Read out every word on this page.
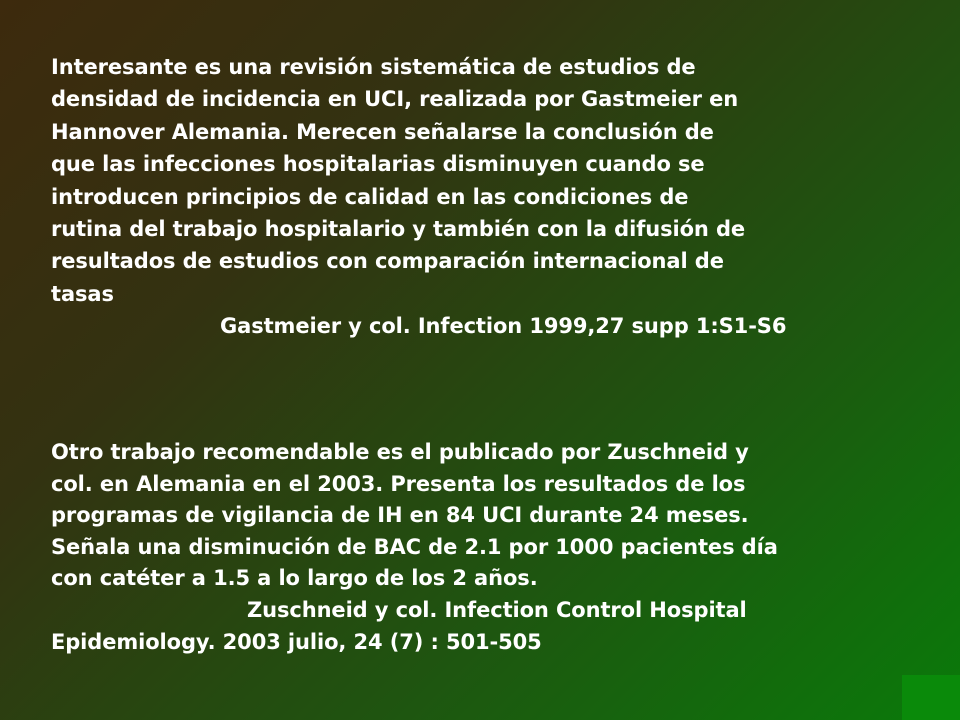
Interesante es una revisión sistemática de estudios de
densidad de incidencia en UCI, realizada por Gastmeier en
Hannover Alemania. Merecen señalarse la conclusión de
que las infecciones hospitalarias disminuyen cuando se
introducen principios de calidad en las condiciones de
rutina del trabajo hospitalario y también con la difusión de
resultados de estudios con comparación internacional de
tasas
Gastmeier y col. Infection 1999,27 supp 1:S1-S6

Otro trabajo recomendable es el publicado por Zuschneid y
col. en Alemania en el 2003. Presenta los resultados de los
programas de vigilancia de IH en 84 UCI durante 24 meses.
Señala una disminución de BAC de 2.1 por 1000 pacientes día
con catéter a 1.5 a lo largo de los 2 años.
Zuschneid y col. Infection Control Hospital
Epidemiology. 2003 julio, 24 (7) : 501-505
